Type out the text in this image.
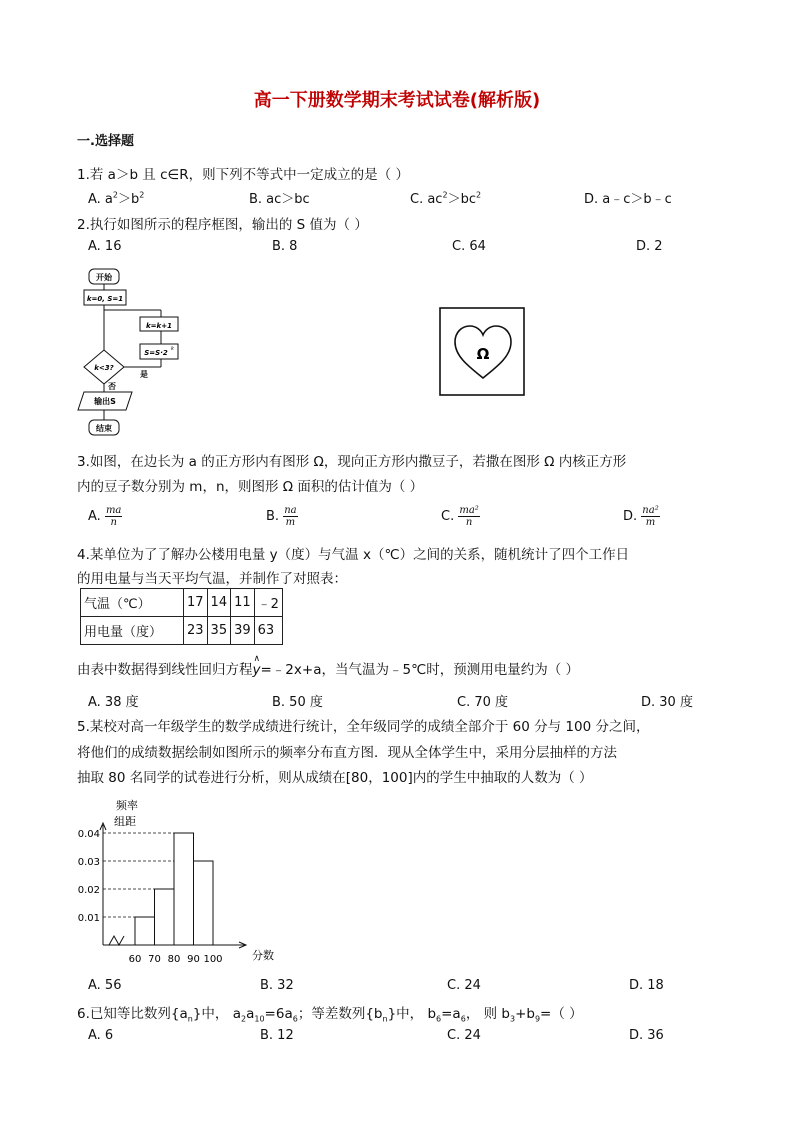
高一下册数学期末考试试卷(解析版)
一.选择题
1.若 a＞b 且 c∈R，则下列不等式中一定成立的是（ ）
A. $a^2>b^2$	B. ac＞bc	C. $ac^2>bc^2$	D. a﹣c＞b﹣c
2.执行如图所示的程序框图，输出的 S 值为（ ）
A. 16	B. 8	C. 64	D. 2
开始
k=0, S=1
k=k+1
S=S·2 k
k<3?
否
是
输出S
结束
Ω
3.如图，在边长为 a 的正方形内有图形 Ω，现向正方形内撒豆子，若撒在图形 Ω 内核正方形
内的豆子数分别为 m，n，则图形 Ω 面积的估计值为（ ）
A. $\frac{ma}{n}$	B. $\frac{na}{m}$	C. $\frac{\text{ma²}}{n}$	D. $\frac{\text{na²}}{m}$
4.某单位为了了解办公楼用电量 y（度）与气温 x（℃）之间的关系，随机统计了四个工作日
的用电量与当天平均气温，并制作了对照表：
气温（℃）	17	14	11	﹣2
用电量（度）	23	35	39	63
由表中数据得到线性回归方程
∧
y=﹣2x+a，当气温为﹣5℃时，预测用电量约为（ ）
A. 38 度	B. 50 度	C. 70 度	D. 30 度
5.某校对高一年级学生的数学成绩进行统计，全年级同学的成绩全部介于 60 分与 100 分之间，
将他们的成绩数据绘制如图所示的频率分布直方图．现从全体学生中，采用分层抽样的方法
抽取 80 名同学的试卷进行分析，则从成绩在[80，100]内的学生中抽取的人数为（ ）
频率
组距
0.01
0.02
0.03
0.04
60 70 80 90 100	分数
A. 56	B. 32	C. 24	D. 18
6.已知等比数列$\{a_n\}$中， $a_2a_{10}=6a_6$；等差数列$\{b_n\}$中， $b_6=a_6$， 则 $b_3+b_9=$（ ）
A. 6	B. 12	C. 24	D. 36
